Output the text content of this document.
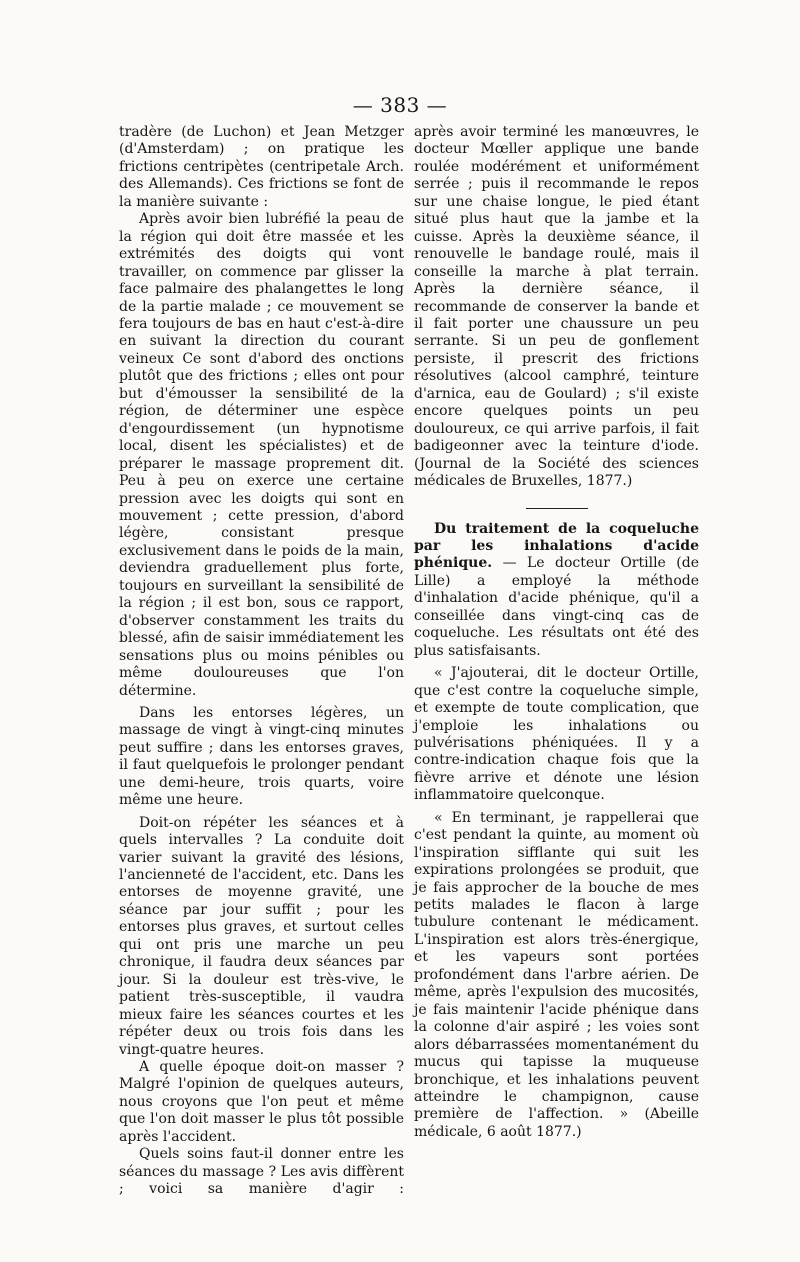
— 383 —

tradère (de Luchon) et Jean Metzger (d'Amsterdam) ; on pratique les frictions centripètes (centripetale Arch. des Allemands). Ces frictions se font de la manière suivante :

Après avoir bien lubréfié la peau de la région qui doit être massée et les extrémités des doigts qui vont travailler, on commence par glisser la face palmaire des phalangettes le long de la partie malade ; ce mouvement se fera toujours de bas en haut c'est-à-dire en suivant la direction du courant veineux Ce sont d'abord des onctions plutôt que des frictions ; elles ont pour but d'émousser la sensibilité de la région, de déterminer une espèce d'engourdissement (un hypnotisme local, disent les spécialistes) et de préparer le massage proprement dit. Peu à peu on exerce une certaine pression avec les doigts qui sont en mouvement ; cette pression, d'abord légère, consistant presque exclusivement dans le poids de la main, deviendra graduellement plus forte, toujours en surveillant la sensibilité de la région ; il est bon, sous ce rapport, d'observer constamment les traits du blessé, afin de saisir immédiatement les sensations plus ou moins pénibles ou même douloureuses que l'on détermine.

Dans les entorses légères, un massage de vingt à vingt-cinq minutes peut suffire ; dans les entorses graves, il faut quelquefois le prolonger pendant une demi-heure, trois quarts, voire même une heure.

Doit-on répéter les séances et à quels intervalles ? La conduite doit varier suivant la gravité des lésions, l'ancienneté de l'accident, etc. Dans les entorses de moyenne gravité, une séance par jour suffit ; pour les entorses plus graves, et surtout celles qui ont pris une marche un peu chronique, il faudra deux séances par jour. Si la douleur est très-vive, le patient très-susceptible, il vaudra mieux faire les séances courtes et les répéter deux ou trois fois dans les vingt-quatre heures.

A quelle époque doit-on masser ? Malgré l'opinion de quelques auteurs, nous croyons que l'on peut et même que l'on doit masser le plus tôt possible après l'accident.

Quels soins faut-il donner entre les séances du massage ? Les avis diffèrent ; voici sa manière d'agir :

après avoir terminé les manœuvres, le docteur Mœller applique une bande roulée modérément et uniformément serrée ; puis il recommande le repos sur une chaise longue, le pied étant situé plus haut que la jambe et la cuisse. Après la deuxième séance, il renouvelle le bandage roulé, mais il conseille la marche à plat terrain. Après la dernière séance, il recommande de conserver la bande et il fait porter une chaussure un peu serrante. Si un peu de gonflement persiste, il prescrit des frictions résolutives (alcool camphré, teinture d'arnica, eau de Goulard) ; s'il existe encore quelques points un peu douloureux, ce qui arrive parfois, il fait badigeonner avec la teinture d'iode. (Journal de la Société des sciences médicales de Bruxelles, 1877.)

Du traitement de la coqueluche par les inhalations d'acide phénique. — Le docteur Ortille (de Lille) a employé la méthode d'inhalation d'acide phénique, qu'il a conseillée dans vingt-cinq cas de coqueluche. Les résultats ont été des plus satisfaisants.

« J'ajouterai, dit le docteur Ortille, que c'est contre la coqueluche simple, et exempte de toute complication, que j'emploie les inhalations ou pulvérisations phéniquées. Il y a contre-indication chaque fois que la fièvre arrive et dénote une lésion inflammatoire quelconque.

« En terminant, je rappellerai que c'est pendant la quinte, au moment où l'inspiration sifflante qui suit les expirations prolongées se produit, que je fais approcher de la bouche de mes petits malades le flacon à large tubulure contenant le médicament. L'inspiration est alors très-énergique, et les vapeurs sont portées profondément dans l'arbre aérien. De même, après l'expulsion des mucosités, je fais maintenir l'acide phénique dans la colonne d'air aspiré ; les voies sont alors débarrassées momentanément du mucus qui tapisse la muqueuse bronchique, et les inhalations peuvent atteindre le champignon, cause première de l'affection. » (Abeille médicale, 6 août 1877.)
